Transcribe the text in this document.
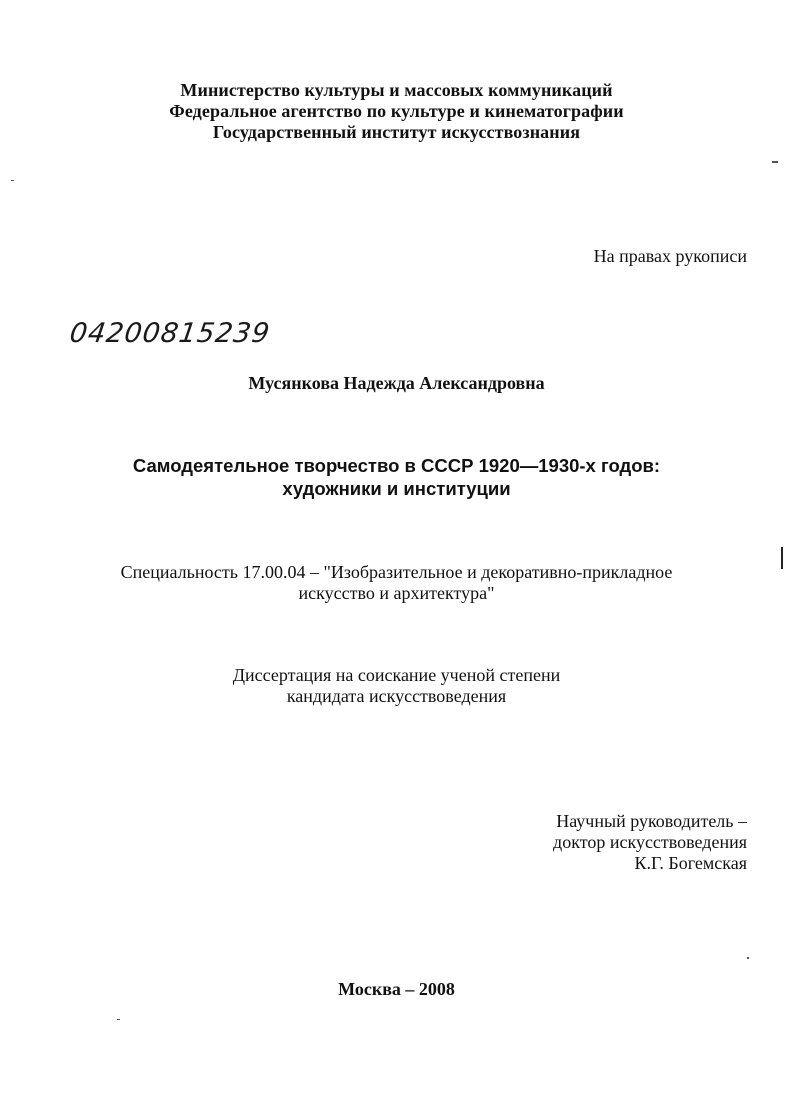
Министерство культуры и массовых коммуникаций
Федеральное агентство по культуре и кинематографии
Государственный институт искусствознания
На правах рукописи
04200815239
Мусянкова Надежда Александровна
Самодеятельное творчество в СССР 1920—1930-х годов:
художники и институции
Специальность 17.00.04 – "Изобразительное и декоративно-прикладное
искусство и архитектура"
Диссертация на соискание ученой степени
кандидата искусствоведения
Научный руководитель –
доктор искусствоведения
К.Г. Богемская
Москва – 2008
